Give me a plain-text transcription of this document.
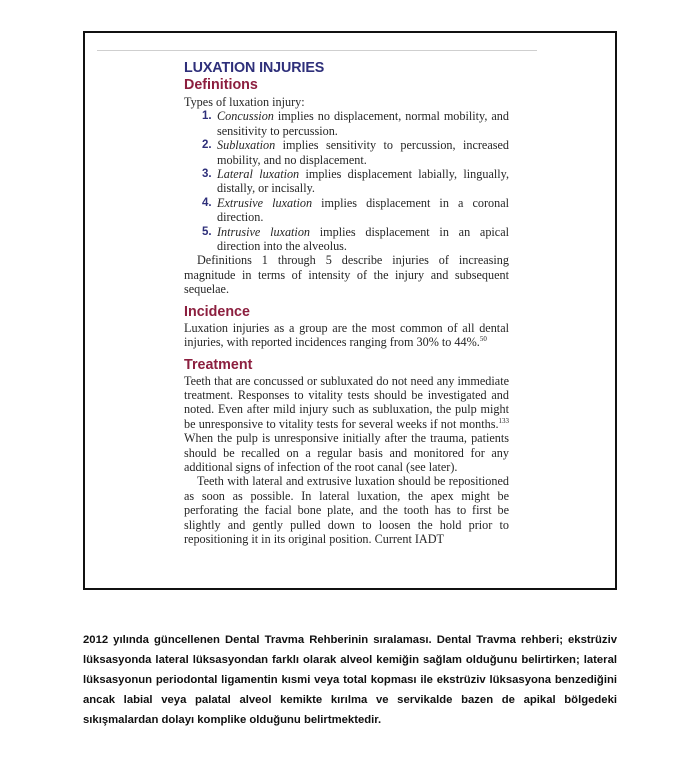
LUXATION INJURIES
Definitions

Types of luxation injury:

1. Concussion implies no displacement, normal mobility, and sensitivity to percussion.
2. Subluxation implies sensitivity to percussion, increased mobility, and no displacement.
3. Lateral luxation implies displacement labially, lingually, distally, or incisally.
4. Extrusive luxation implies displacement in a coronal direction.
5. Intrusive luxation implies displacement in an apical direction into the alveolus.

Definitions 1 through 5 describe injuries of increasing magnitude in terms of intensity of the injury and subsequent sequelae.

Incidence

Luxation injuries as a group are the most common of all dental injuries, with reported incidences ranging from 30% to 44%.$^{50}$

Treatment

Teeth that are concussed or subluxated do not need any immediate treatment. Responses to vitality tests should be investigated and noted. Even after mild injury such as subluxation, the pulp might be unresponsive to vitality tests for several weeks if not months.$^{133}$ When the pulp is unresponsive initially after the trauma, patients should be recalled on a regular basis and monitored for any additional signs of infection of the root canal (see later).

Teeth with lateral and extrusive luxation should be repositioned as soon as possible. In lateral luxation, the apex might be perforating the facial bone plate, and the tooth has to first be slightly and gently pulled down to loosen the hold prior to repositioning it in its original position. Current IADT

2012 yılında güncellenen Dental Travma Rehberinin sıralaması. Dental Travma rehberi; ekstrüziv lüksasyonda lateral lüksasyondan farklı olarak alveol kemiğin sağlam olduğunu belirtirken; lateral lüksasyonun periodontal ligamentin kısmi veya total kopması ile ekstrüziv lüksasyona benzediğini ancak labial veya palatal alveol kemikte kırılma ve servikalde bazen de apikal bölgedeki sıkışmalardan dolayı komplike olduğunu belirtmektedir.
